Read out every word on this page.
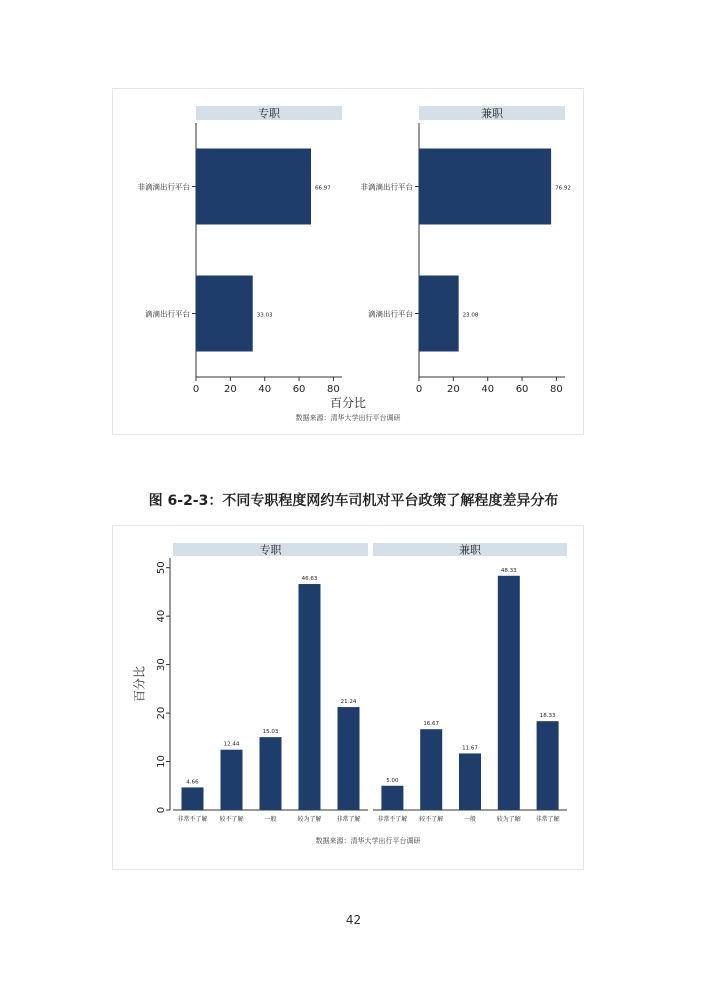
专职
0 20 40 60 80
66.97
非滴滴出行平台
33.03
滴滴出行平台
兼职
0 20 40 60 80
76.92
非滴滴出行平台
23.08
滴滴出行平台
百分比
数据来源：清华大学出行平台调研
图 6-2-3：不同专职程度网约车司机对平台政策了解程度差异分布
0
10
20
30
40
50
百分比
专职
4.66
非常不了解
12.44
较不了解
15.03
一般
46.63
较为了解
21.24
非常了解
兼职
5.00
非常不了解
16.67
较不了解
11.67
一般
48.33
较为了解
18.33
非常了解
数据来源：清华大学出行平台调研
42
